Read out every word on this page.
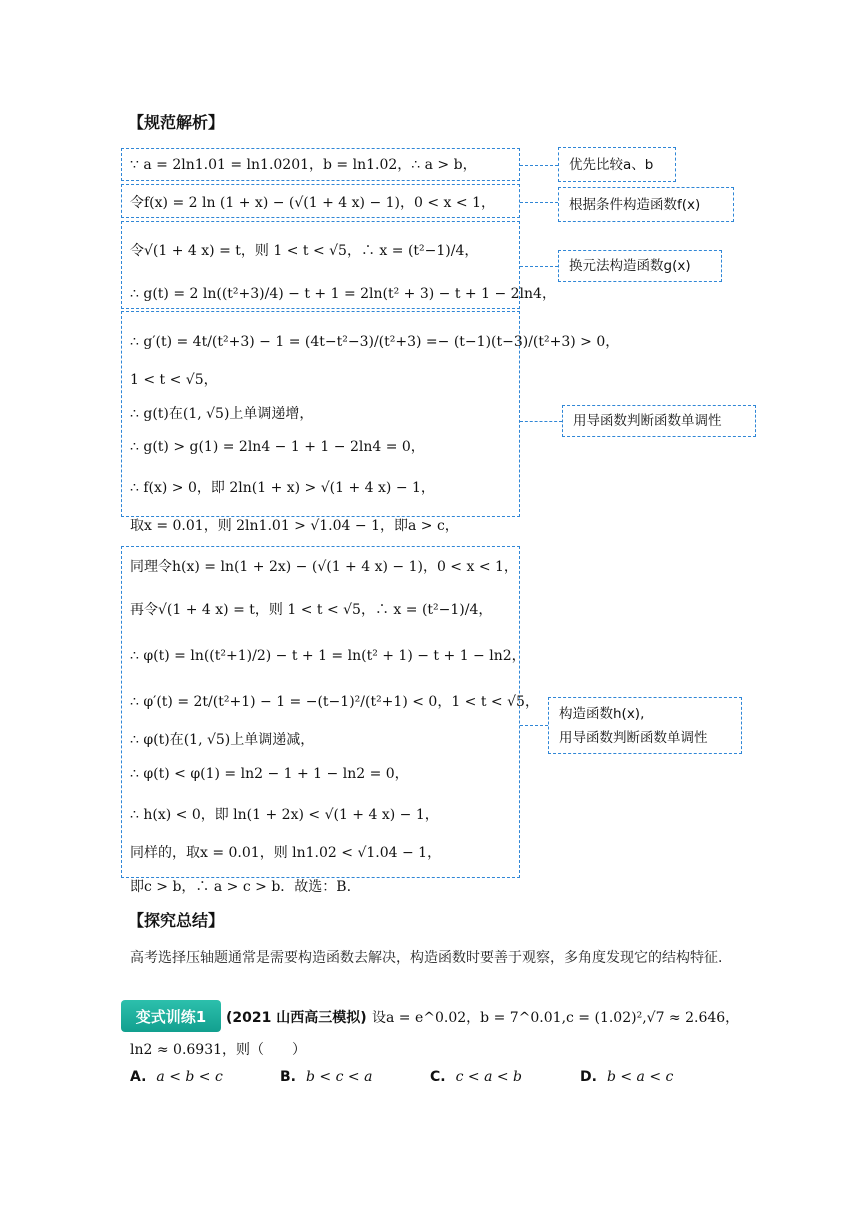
【规范解析】
优先比较a、b
根据条件构造函数f(x)
换元法构造函数g(x)
用导函数判断函数单调性
构造函数h(x),
用导函数判断函数单调性
∵ a = 2ln1.01 = ln1.0201，b = ln1.02，∴ a > b，
令f(x) = 2 ln (1 + x) − (√(1 + 4 x) − 1)，0 < x < 1，
令√(1 + 4 x) = t，则 1 < t < √5，∴ x = (t²−1)/4，
∴ g(t) = 2 ln((t²+3)/4) − t + 1 = 2ln(t² + 3) − t + 1 − 2ln4，
∴ g′(t) = 4t/(t²+3) − 1 = (4t−t²−3)/(t²+3) =− (t−1)(t−3)/(t²+3) > 0，
1 < t < √5，
∴ g(t)在(1, √5)上单调递增，
∴ g(t) > g(1) = 2ln4 − 1 + 1 − 2ln4 = 0，
∴ f(x) > 0，即 2ln(1 + x) > √(1 + 4 x) − 1，
取x = 0.01，则 2ln1.01 > √1.04 − 1，即a > c，
同理令h(x) = ln(1 + 2x) − (√(1 + 4 x) − 1)，0 < x < 1，
再令√(1 + 4 x) = t，则 1 < t < √5，∴ x = (t²−1)/4，
∴ φ(t) = ln((t²+1)/2) − t + 1 = ln(t² + 1) − t + 1 − ln2，
∴ φ′(t) = 2t/(t²+1) − 1 = −(t−1)²/(t²+1) < 0，1 < t < √5，
∴ φ(t)在(1, √5)上单调递减，
∴ φ(t) < φ(1) = ln2 − 1 + 1 − ln2 = 0，
∴ h(x) < 0，即 ln(1 + 2x) < √(1 + 4 x) − 1，
同样的，取x = 0.01，则 ln1.02 < √1.04 − 1，
即c > b，∴ a > c > b．故选：B.
【探究总结】
高考选择压轴题通常是需要构造函数去解决，构造函数时要善于观察，多角度发现它的结构特征.
变式训练1	(2021 山西高三模拟) 设a = e^0.02，b = 7^0.01,c = (1.02)²,√7 ≈ 2.646，
ln2 ≈ 0.6931，则（　　）
A. a < b < c	B. b < c < a	C. c < a < b	D. b < a < c
